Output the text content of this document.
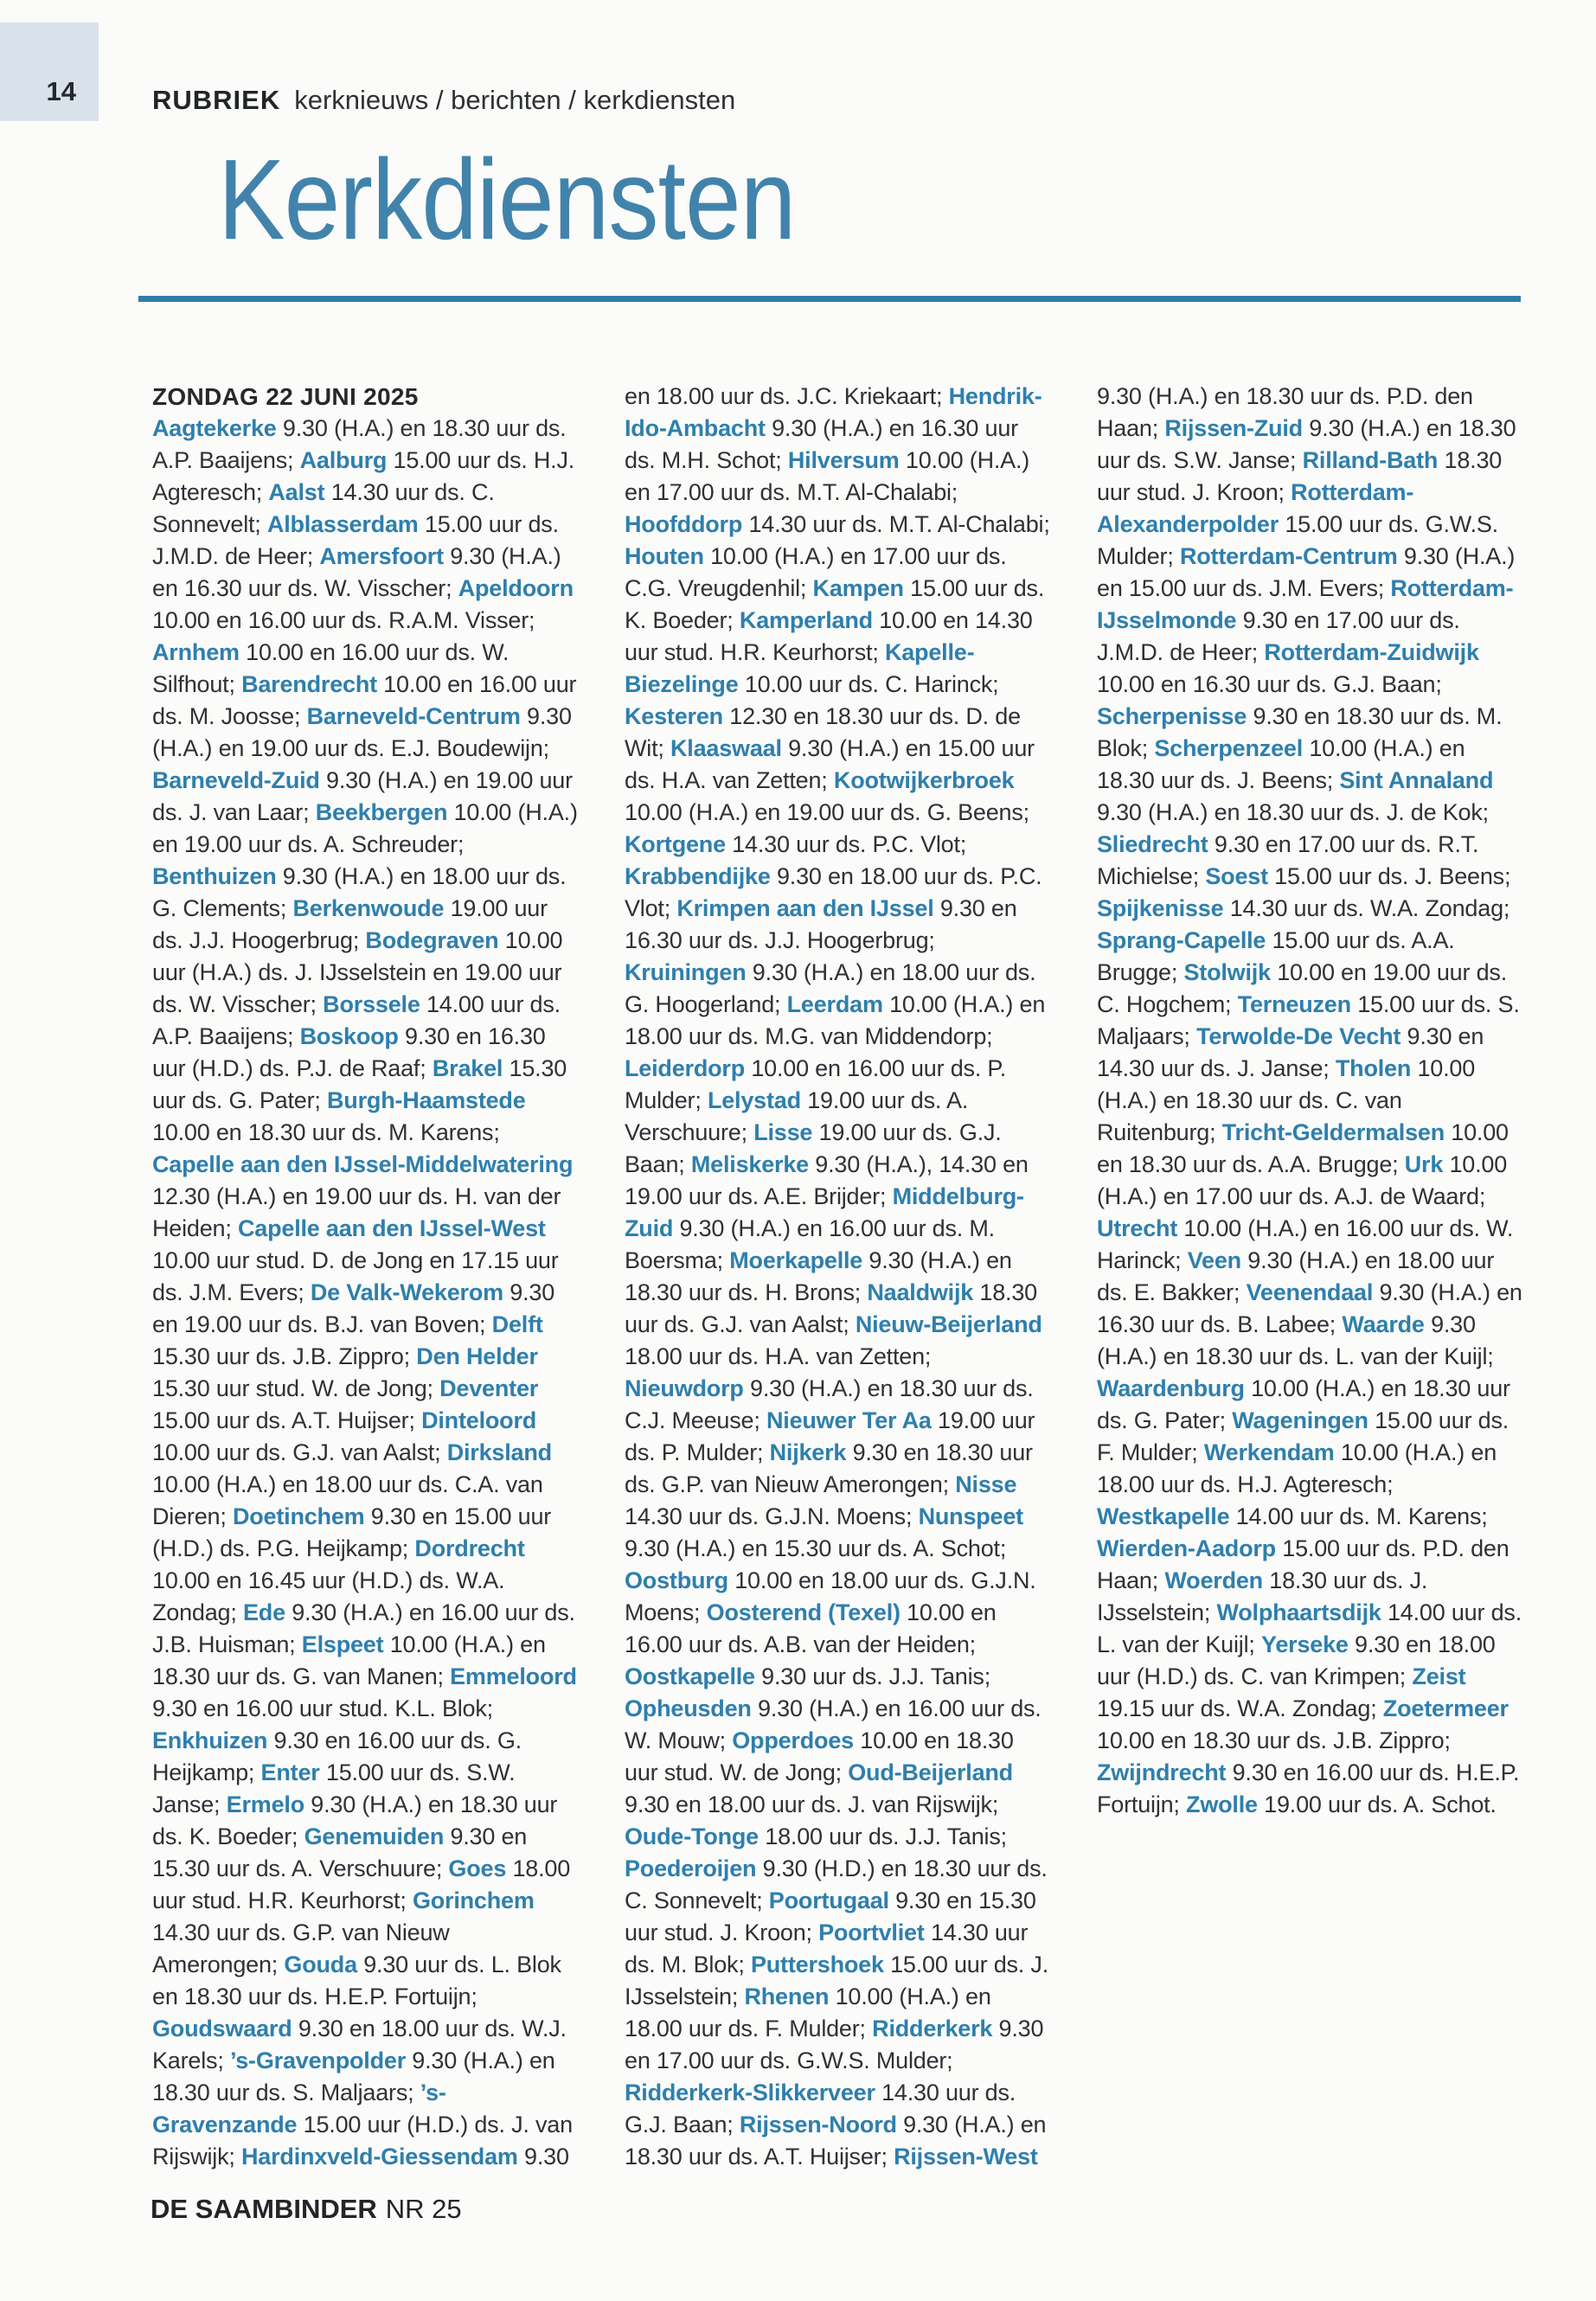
14	RUBRIEK kerknieuws / berichten / kerkdiensten
Kerkdiensten
ZONDAG 22 JUNI 2025
Aagtekerke 9.30 (H.A.) en 18.30 uur ds. A.P. Baaijens; Aalburg 15.00 uur ds. H.J. Agteresch; Aalst 14.30 uur ds. C. Sonnevelt; Alblasserdam 15.00 uur ds. J.M.D. de Heer; Amersfoort 9.30 (H.A.) en 16.30 uur ds. W. Visscher; Apeldoorn 10.00 en 16.00 uur ds. R.A.M. Visser; Arnhem 10.00 en 16.00 uur ds. W. Silfhout; Barendrecht 10.00 en 16.00 uur ds. M. Joosse; Barneveld-Centrum 9.30 (H.A.) en 19.00 uur ds. E.J. Boudewijn; Barneveld-Zuid 9.30 (H.A.) en 19.00 uur ds. J. van Laar; Beekbergen 10.00 (H.A.) en 19.00 uur ds. A. Schreuder; Benthuizen 9.30 (H.A.) en 18.00 uur ds. G. Clements; Berkenwoude 19.00 uur ds. J.J. Hoogerbrug; Bodegraven 10.00 uur (H.A.) ds. J. IJsselstein en 19.00 uur ds. W. Visscher; Borssele 14.00 uur ds. A.P. Baaijens; Boskoop 9.30 en 16.30 uur (H.D.) ds. P.J. de Raaf; Brakel 15.30 uur ds. G. Pater; Burgh-Haamstede 10.00 en 18.30 uur ds. M. Karens; Capelle aan den IJssel-Middelwatering 12.30 (H.A.) en 19.00 uur ds. H. van der Heiden; Capelle aan den IJssel-West 10.00 uur stud. D. de Jong en 17.15 uur ds. J.M. Evers; De Valk-Wekerom 9.30 en 19.00 uur ds. B.J. van Boven; Delft 15.30 uur ds. J.B. Zippro; Den Helder 15.30 uur stud. W. de Jong; Deventer 15.00 uur ds. A.T. Huijser; Dinteloord 10.00 uur ds. G.J. van Aalst; Dirksland 10.00 (H.A.) en 18.00 uur ds. C.A. van Dieren; Doetinchem 9.30 en 15.00 uur (H.D.) ds. P.G. Heijkamp; Dordrecht 10.00 en 16.45 uur (H.D.) ds. W.A. Zondag; Ede 9.30 (H.A.) en 16.00 uur ds. J.B. Huisman; Elspeet 10.00 (H.A.) en 18.30 uur ds. G. van Manen; Emmeloord 9.30 en 16.00 uur stud. K.L. Blok; Enkhuizen 9.30 en 16.00 uur ds. G. Heijkamp; Enter 15.00 uur ds. S.W. Janse; Ermelo 9.30 (H.A.) en 18.30 uur ds. K. Boeder; Genemuiden 9.30 en 15.30 uur ds. A. Verschuure; Goes 18.00 uur stud. H.R. Keurhorst; Gorinchem 14.30 uur ds. G.P. van Nieuw Amerongen; Gouda 9.30 uur ds. L. Blok en 18.30 uur ds. H.E.P. Fortuijn; Goudswaard 9.30 en 18.00 uur ds. W.J. Karels; ’s-Gravenpolder 9.30 (H.A.) en 18.30 uur ds. S. Maljaars; ’s-Gravenzande 15.00 uur (H.D.) ds. J. van Rijswijk; Hardinxveld-Giessendam 9.30 en 18.00 uur ds. J.C. Kriekaart; Hendrik-Ido-Ambacht 9.30 (H.A.) en 16.30 uur ds. M.H. Schot; Hilversum 10.00 (H.A.) en 17.00 uur ds. M.T. Al-Chalabi; Hoofddorp 14.30 uur ds. M.T. Al-Chalabi; Houten 10.00 (H.A.) en 17.00 uur ds. C.G. Vreugdenhil; Kampen 15.00 uur ds. K. Boeder; Kamperland 10.00 en 14.30 uur stud. H.R. Keurhorst; Kapelle-Biezelinge 10.00 uur ds. C. Harinck; Kesteren 12.30 en 18.30 uur ds. D. de Wit; Klaaswaal 9.30 (H.A.) en 15.00 uur ds. H.A. van Zetten; Kootwijkerbroek 10.00 (H.A.) en 19.00 uur ds. G. Beens; Kortgene 14.30 uur ds. P.C. Vlot; Krabbendijke 9.30 en 18.00 uur ds. P.C. Vlot; Krimpen aan den IJssel 9.30 en 16.30 uur ds. J.J. Hoogerbrug; Kruiningen 9.30 (H.A.) en 18.00 uur ds. G. Hoogerland; Leerdam 10.00 (H.A.) en 18.00 uur ds. M.G. van Middendorp; Leiderdorp 10.00 en 16.00 uur ds. P. Mulder; Lelystad 19.00 uur ds. A. Verschuure; Lisse 19.00 uur ds. G.J. Baan; Meliskerke 9.30 (H.A.), 14.30 en 19.00 uur ds. A.E. Brijder; Middelburg-Zuid 9.30 (H.A.) en 16.00 uur ds. M. Boersma; Moerkapelle 9.30 (H.A.) en 18.30 uur ds. H. Brons; Naaldwijk 18.30 uur ds. G.J. van Aalst; Nieuw-Beijerland 18.00 uur ds. H.A. van Zetten; Nieuwdorp 9.30 (H.A.) en 18.30 uur ds. C.J. Meeuse; Nieuwer Ter Aa 19.00 uur ds. P. Mulder; Nijkerk 9.30 en 18.30 uur ds. G.P. van Nieuw Amerongen; Nisse 14.30 uur ds. G.J.N. Moens; Nunspeet 9.30 (H.A.) en 15.30 uur ds. A. Schot; Oostburg 10.00 en 18.00 uur ds. G.J.N. Moens; Oosterend (Texel) 10.00 en 16.00 uur ds. A.B. van der Heiden; Oostkapelle 9.30 uur ds. J.J. Tanis; Opheusden 9.30 (H.A.) en 16.00 uur ds. W. Mouw; Opperdoes 10.00 en 18.30 uur stud. W. de Jong; Oud-Beijerland 9.30 en 18.00 uur ds. J. van Rijswijk; Oude-Tonge 18.00 uur ds. J.J. Tanis; Poederoijen 9.30 (H.D.) en 18.30 uur ds. C. Sonnevelt; Poortugaal 9.30 en 15.30 uur stud. J. Kroon; Poortvliet 14.30 uur ds. M. Blok; Puttershoek 15.00 uur ds. J. IJsselstein; Rhenen 10.00 (H.A.) en 18.00 uur ds. F. Mulder; Ridderkerk 9.30 en 17.00 uur ds. G.W.S. Mulder; Ridderkerk-Slikkerveer 14.30 uur ds. G.J. Baan; Rijssen-Noord 9.30 (H.A.) en 18.30 uur ds. A.T. Huijser; Rijssen-West 9.30 (H.A.) en 18.30 uur ds. P.D. den Haan; Rijssen-Zuid 9.30 (H.A.) en 18.30 uur ds. S.W. Janse; Rilland-Bath 18.30 uur stud. J. Kroon; Rotterdam-Alexanderpolder 15.00 uur ds. G.W.S. Mulder; Rotterdam-Centrum 9.30 (H.A.) en 15.00 uur ds. J.M. Evers; Rotterdam-IJsselmonde 9.30 en 17.00 uur ds. J.M.D. de Heer; Rotterdam-Zuidwijk 10.00 en 16.30 uur ds. G.J. Baan; Scherpenisse 9.30 en 18.30 uur ds. M. Blok; Scherpenzeel 10.00 (H.A.) en 18.30 uur ds. J. Beens; Sint Annaland 9.30 (H.A.) en 18.30 uur ds. J. de Kok; Sliedrecht 9.30 en 17.00 uur ds. R.T. Michielse; Soest 15.00 uur ds. J. Beens; Spijkenisse 14.30 uur ds. W.A. Zondag; Sprang-Capelle 15.00 uur ds. A.A. Brugge; Stolwijk 10.00 en 19.00 uur ds. C. Hogchem; Terneuzen 15.00 uur ds. S. Maljaars; Terwolde-De Vecht 9.30 en 14.30 uur ds. J. Janse; Tholen 10.00 (H.A.) en 18.30 uur ds. C. van Ruitenburg; Tricht-Geldermalsen 10.00 en 18.30 uur ds. A.A. Brugge; Urk 10.00 (H.A.) en 17.00 uur ds. A.J. de Waard; Utrecht 10.00 (H.A.) en 16.00 uur ds. W. Harinck; Veen 9.30 (H.A.) en 18.00 uur ds. E. Bakker; Veenendaal 9.30 (H.A.) en 16.30 uur ds. B. Labee; Waarde 9.30 (H.A.) en 18.30 uur ds. L. van der Kuijl; Waardenburg 10.00 (H.A.) en 18.30 uur ds. G. Pater; Wageningen 15.00 uur ds. F. Mulder; Werkendam 10.00 (H.A.) en 18.00 uur ds. H.J. Agteresch; Westkapelle 14.00 uur ds. M. Karens; Wierden-Aadorp 15.00 uur ds. P.D. den Haan; Woerden 18.30 uur ds. J. IJsselstein; Wolphaartsdijk 14.00 uur ds. L. van der Kuijl; Yerseke 9.30 en 18.00 uur (H.D.) ds. C. van Krimpen; Zeist 19.15 uur ds. W.A. Zondag; Zoetermeer 10.00 en 18.30 uur ds. J.B. Zippro; Zwijndrecht 9.30 en 16.00 uur ds. H.E.P. Fortuijn; Zwolle 19.00 uur ds. A. Schot.
DE SAAMBINDER NR 25
